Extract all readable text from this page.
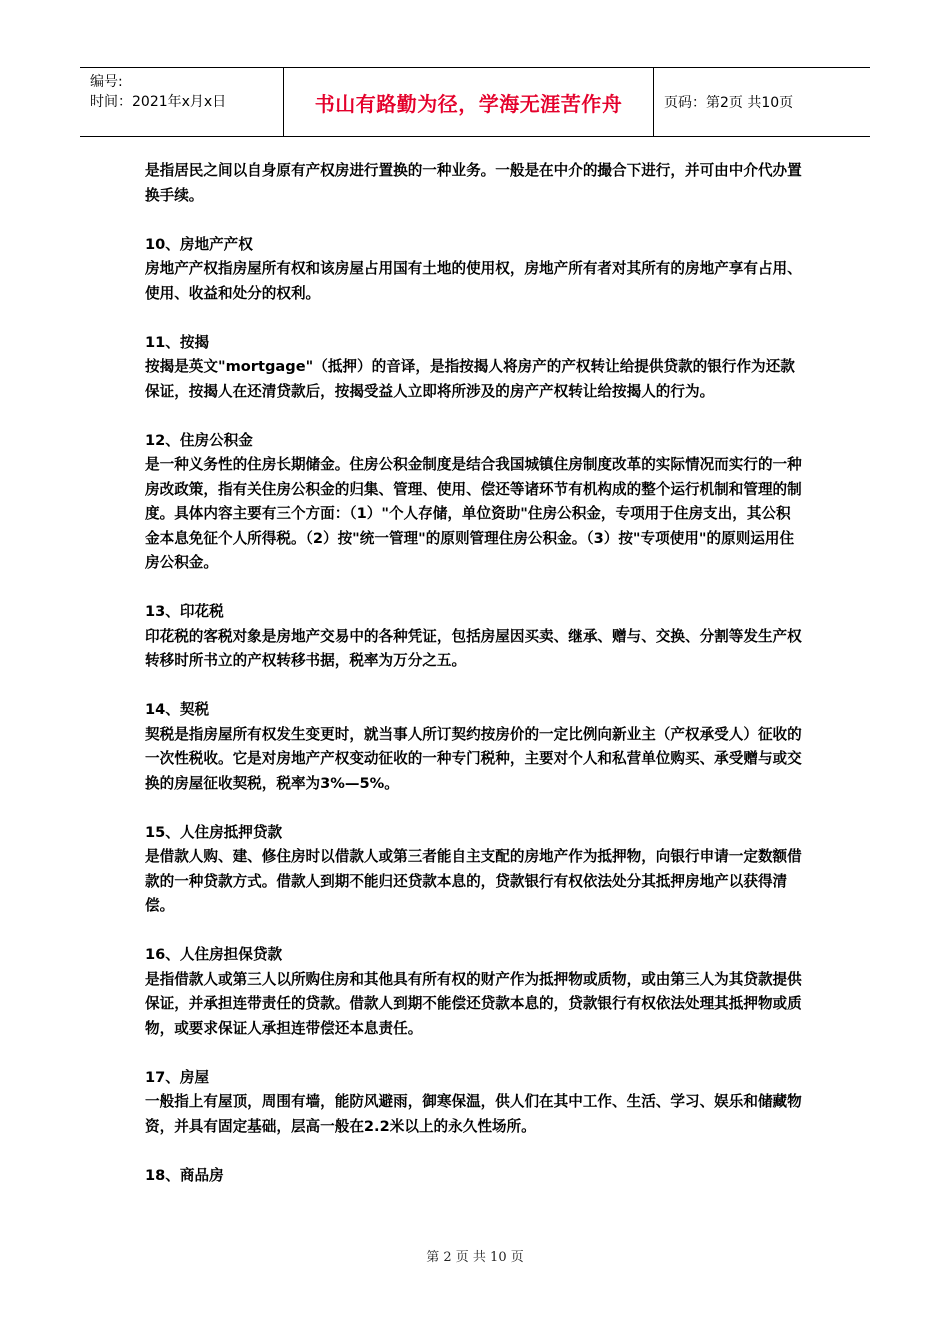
编号:
时间：2021年x月x日	书山有路勤为径，学海无涯苦作舟	页码：第2页 共10页

是指居民之间以自身原有产权房进行置换的一种业务。一般是在中介的撮合下进行，并可由中介代办置换手续。

10、房地产产权

房地产产权指房屋所有权和该房屋占用国有土地的使用权，房地产所有者对其所有的房地产享有占用、使用、收益和处分的权利。

11、按揭

按揭是英文"mortgage"（抵押）的音译，是指按揭人将房产的产权转让给提供贷款的银行作为还款保证，按揭人在还清贷款后，按揭受益人立即将所涉及的房产产权转让给按揭人的行为。

12、住房公积金

是一种义务性的住房长期储金。住房公积金制度是结合我国城镇住房制度改革的实际情况而实行的一种房改政策，指有关住房公积金的归集、管理、使用、偿还等诸环节有机构成的整个运行机制和管理的制度。具体内容主要有三个方面：（1）"个人存储，单位资助"住房公积金，专项用于住房支出，其公积金本息免征个人所得税。（2）按"统一管理"的原则管理住房公积金。（3）按"专项使用"的原则运用住房公积金。

13、印花税

印花税的客税对象是房地产交易中的各种凭证，包括房屋因买卖、继承、赠与、交换、分割等发生产权转移时所书立的产权转移书据，税率为万分之五。

14、契税

契税是指房屋所有权发生变更时，就当事人所订契约按房价的一定比例向新业主（产权承受人）征收的一次性税收。它是对房地产产权变动征收的一种专门税种，主要对个人和私营单位购买、承受赠与或交换的房屋征收契税，税率为3%—5%。

15、人住房抵押贷款

是借款人购、建、修住房时以借款人或第三者能自主支配的房地产作为抵押物，向银行申请一定数额借款的一种贷款方式。借款人到期不能归还贷款本息的，贷款银行有权依法处分其抵押房地产以获得清偿。

16、人住房担保贷款

是指借款人或第三人以所购住房和其他具有所有权的财产作为抵押物或质物，或由第三人为其贷款提供保证，并承担连带责任的贷款。借款人到期不能偿还贷款本息的，贷款银行有权依法处理其抵押物或质物，或要求保证人承担连带偿还本息责任。

17、房屋

一般指上有屋顶，周围有墙，能防风避雨，御寒保温，供人们在其中工作、生活、学习、娱乐和储藏物资，并具有固定基础，层高一般在2.2米以上的永久性场所。

18、商品房

第 2 页 共 10 页
